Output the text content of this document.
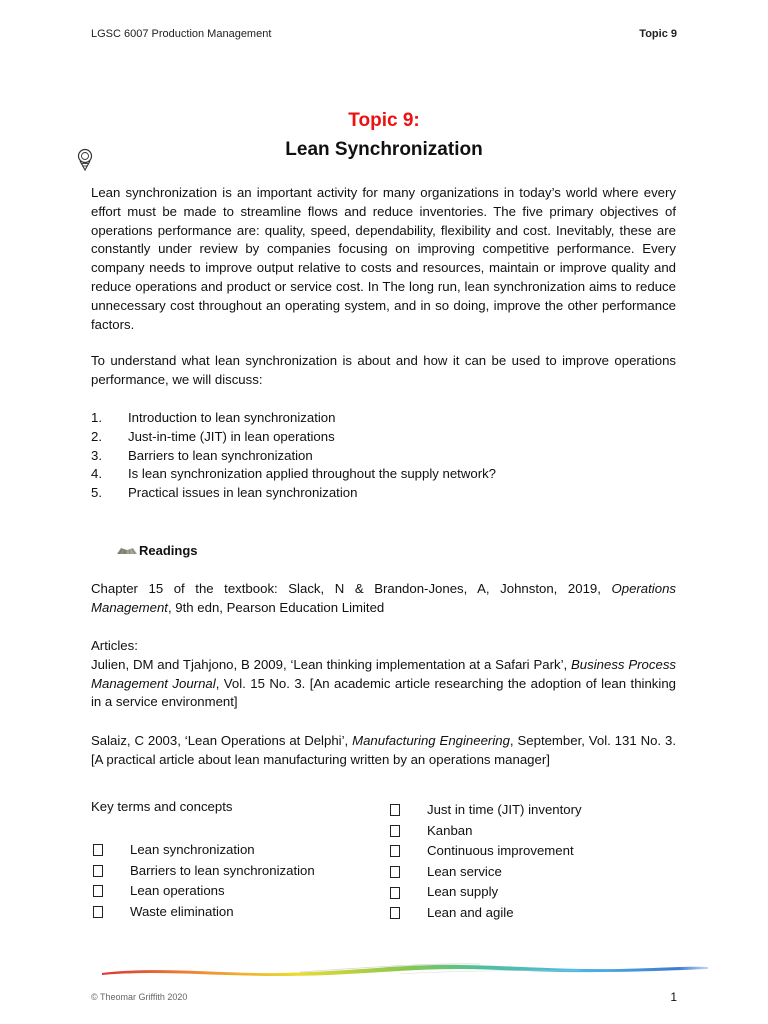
LGSC 6007 Production Management	Topic 9
Topic 9:
Lean Synchronization
Lean synchronization is an important activity for many organizations in today’s world where every effort must be made to streamline flows and reduce inventories. The five primary objectives of operations performance are: quality, speed, dependability, flexibility and cost. Inevitably, these are constantly under review by companies focusing on improving competitive performance. Every company needs to improve output relative to costs and resources, maintain or improve quality and reduce operations and product or service cost. In The long run, lean synchronization aims to reduce unnecessary cost throughout an operating system, and in so doing, improve the other performance factors.
To understand what lean synchronization is about and how it can be used to improve operations performance, we will discuss:
1.	Introduction to lean synchronization
2.	Just-in-time (JIT) in lean operations
3.	Barriers to lean synchronization
4.	Is lean synchronization applied throughout the supply network?
5.	Practical issues in lean synchronization
Readings
Chapter 15 of the textbook: Slack, N & Brandon-Jones, A, Johnston, 2019, Operations Management, 9th edn, Pearson Education Limited
Articles:
Julien, DM and Tjahjono, B 2009, ‘Lean thinking implementation at a Safari Park’, Business Process Management Journal, Vol. 15 No. 3. [An academic article researching the adoption of lean thinking in a service environment]
Salaiz, C 2003, ‘Lean Operations at Delphi’, Manufacturing Engineering, September, Vol. 131 No. 3. [A practical article about lean manufacturing written by an operations manager]
Key terms and concepts
Lean synchronization
Barriers to lean synchronization
Lean operations
Waste elimination
Just in time (JIT) inventory
Kanban
Continuous improvement
Lean service
Lean supply
Lean and agile
© Theomar Griffith 2020	1
